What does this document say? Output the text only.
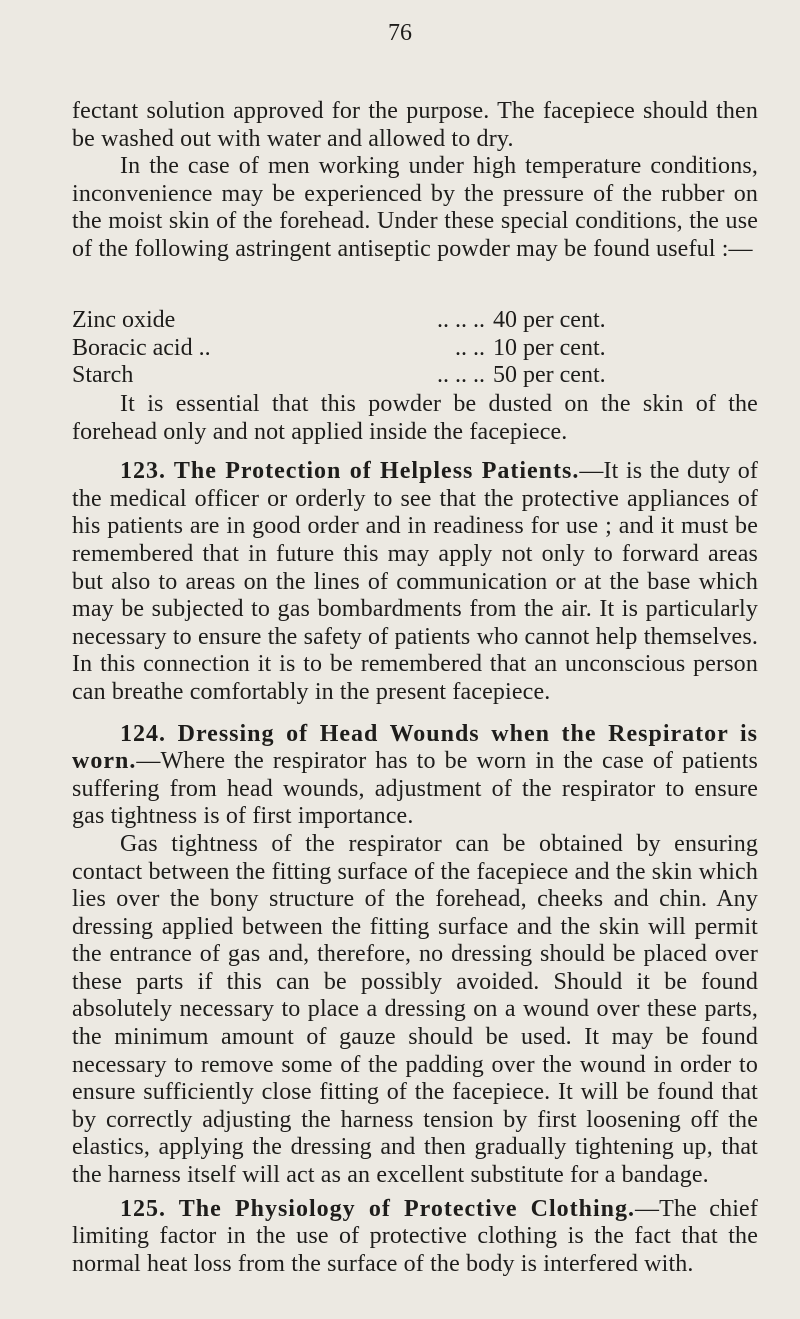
76

fectant solution approved for the purpose. The facepiece should then be washed out with water and allowed to dry.

In the case of men working under high temperature conditions, inconvenience may be experienced by the pressure of the rubber on the moist skin of the forehead. Under these special conditions, the use of the following astringent antiseptic powder may be found useful :—

Zinc oxide	.. .. .. 40 per cent.
Boracic acid ..	.. .. 10 per cent.
Starch	.. .. .. 50 per cent.

It is essential that this powder be dusted on the skin of the forehead only and not applied inside the facepiece.

123. The Protection of Helpless Patients.—It is the duty of the medical officer or orderly to see that the protective appliances of his patients are in good order and in readiness for use ; and it must be remembered that in future this may apply not only to forward areas but also to areas on the lines of communication or at the base which may be subjected to gas bombardments from the air. It is particularly necessary to ensure the safety of patients who cannot help themselves. In this connection it is to be remembered that an unconscious person can breathe comfortably in the present facepiece.

124. Dressing of Head Wounds when the Respirator is worn.—Where the respirator has to be worn in the case of patients suffering from head wounds, adjustment of the respirator to ensure gas tightness is of first importance.

Gas tightness of the respirator can be obtained by ensuring contact between the fitting surface of the facepiece and the skin which lies over the bony structure of the forehead, cheeks and chin. Any dressing applied between the fitting surface and the skin will permit the entrance of gas and, therefore, no dressing should be placed over these parts if this can be possibly avoided. Should it be found absolutely necessary to place a dressing on a wound over these parts, the minimum amount of gauze should be used. It may be found necessary to remove some of the padding over the wound in order to ensure sufficiently close fitting of the facepiece. It will be found that by correctly adjusting the harness tension by first loosening off the elastics, applying the dressing and then gradually tightening up, that the harness itself will act as an excellent substitute for a bandage.

125. The Physiology of Protective Clothing.—The chief limiting factor in the use of protective clothing is the fact that the normal heat loss from the surface of the body is interfered with.
